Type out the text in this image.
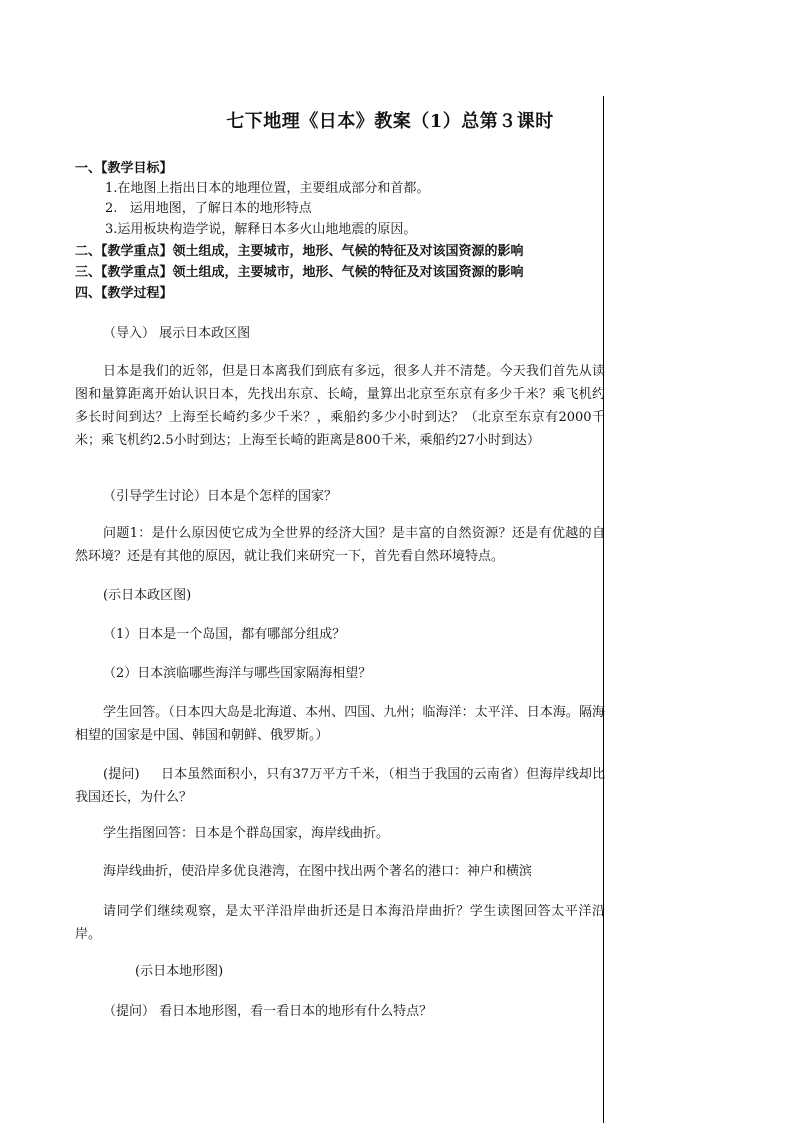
七下地理《日本》教案（1）总第３课时
一、【教学目标】
1.在地图上指出日本的地理位置，主要组成部分和首都。
2.   运用地图，了解日本的地形特点
3.运用板块构造学说，解释日本多火山地地震的原因。
二、【教学重点】领土组成，主要城市，地形、气候的特征及对该国资源的影响
三、【教学重点】领土组成，主要城市，地形、气候的特征及对该国资源的影响
四、【教学过程】
（导入） 展示日本政区图
日本是我们的近邻，但是日本离我们到底有多远，很多人并不清楚。今天我们首先从读图和量算距离开始认识日本，先找出东京、长崎，量算出北京至东京有多少千米？乘飞机约多长时间到达？上海至长崎约多少千米？，乘船约多少小时到达？（北京至东京有2000千米；乘飞机约2.5小时到达；上海至长崎的距离是800千米，乘船约27小时到达）
（引导学生讨论）日本是个怎样的国家？
问题1：是什么原因使它成为全世界的经济大国？是丰富的自然资源？还是有优越的自然环境？还是有其他的原因，就让我们来研究一下，首先看自然环境特点。
(示日本政区图)
（1）日本是一个岛国，都有哪部分组成？
（2）日本滨临哪些海洋与哪些国家隔海相望？
学生回答。（日本四大岛是北海道、本州、四国、九州；临海洋：太平洋、日本海。隔海相望的国家是中国、韩国和朝鲜、俄罗斯。）
(提问)     日本虽然面积小，只有37万平方千米，（相当于我国的云南省）但海岸线却比我国还长，为什么？
学生指图回答：日本是个群岛国家，海岸线曲折。
海岸线曲折，使沿岸多优良港湾，在图中找出两个著名的港口：神户和横滨
请同学们继续观察，是太平洋沿岸曲折还是日本海沿岸曲折？学生读图回答太平洋沿岸。
(示日本地形图)
（提问） 看日本地形图，看一看日本的地形有什么特点？
